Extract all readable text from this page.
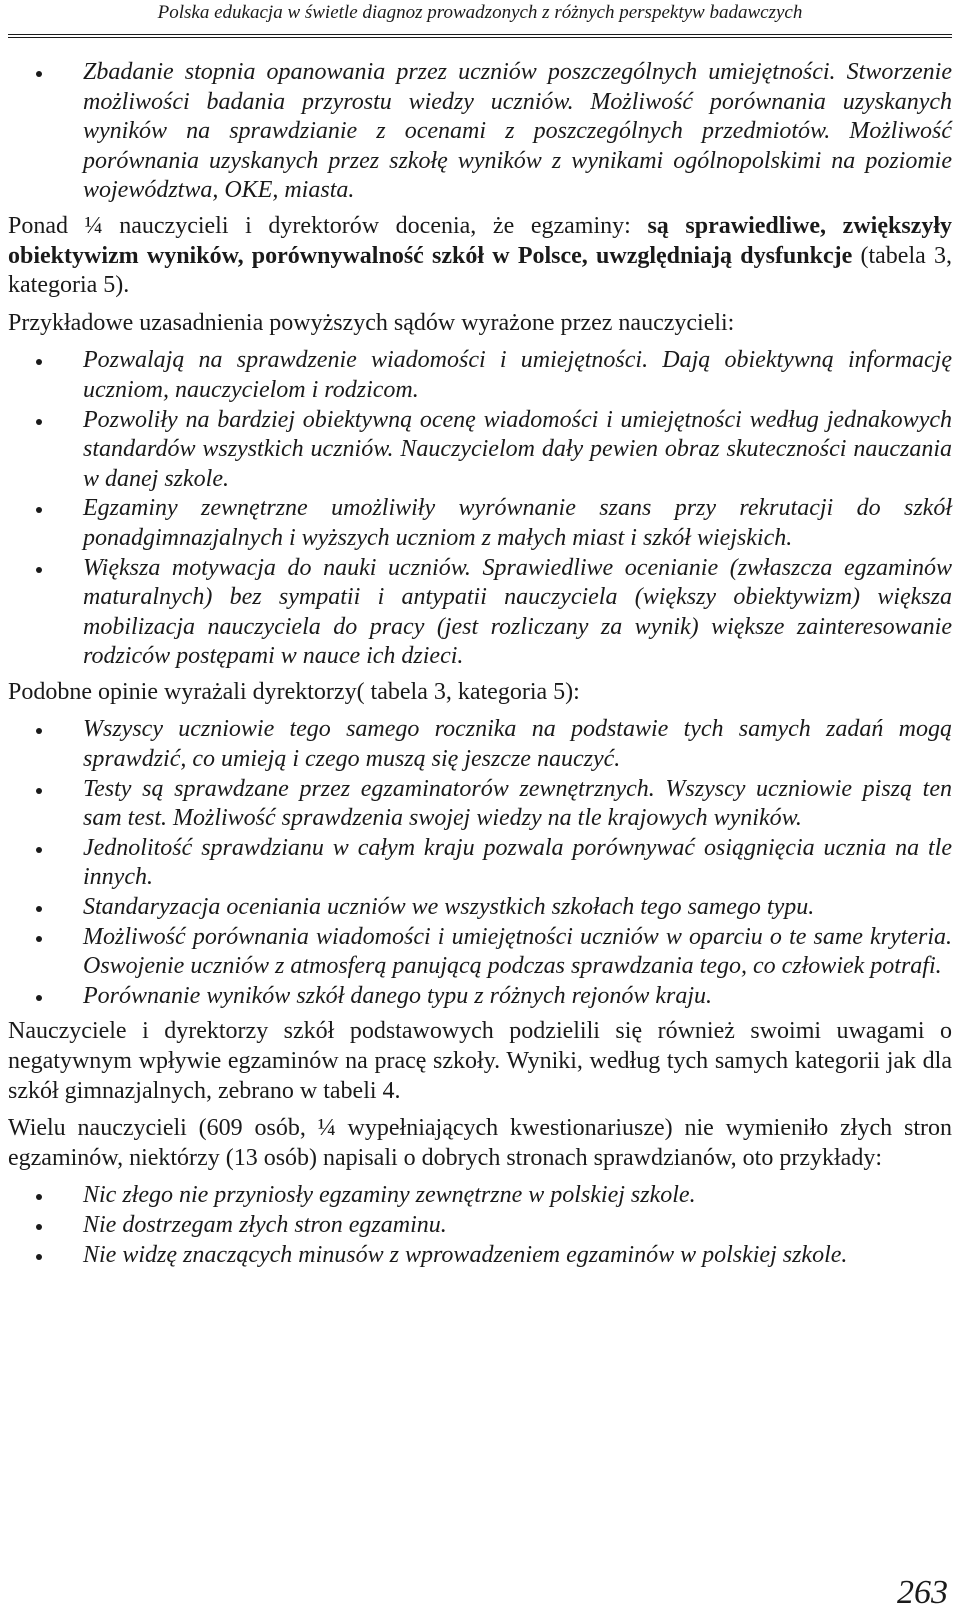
Polska edukacja w świetle diagnoz prowadzonych z różnych perspektyw badawczych
Zbadanie stopnia opanowania przez uczniów poszczególnych umiejętności. Stworzenie możliwości badania przyrostu wiedzy uczniów. Możliwość porównania uzyskanych wyników na sprawdzianie z ocenami z poszczególnych przedmiotów. Możliwość porównania uzyskanych przez szkołę wyników z wynikami ogólnopolskimi na poziomie województwa, OKE, miasta.

Ponad ¼ nauczycieli i dyrektorów docenia, że egzaminy: są sprawiedliwe, zwiększyły obiektywizm wyników, porównywalność szkół w Polsce, uwzględniają dysfunkcje (tabela 3, kategoria 5).

Przykładowe uzasadnienia powyższych sądów wyrażone przez nauczycieli:

Pozwalają na sprawdzenie wiadomości i umiejętności. Dają obiektywną informację uczniom, nauczycielom i rodzicom.
Pozwoliły na bardziej obiektywną ocenę wiadomości i umiejętności według jednakowych standardów wszystkich uczniów. Nauczycielom dały pewien obraz skuteczności nauczania w danej szkole.
Egzaminy zewnętrzne umożliwiły wyrównanie szans przy rekrutacji do szkół ponadgimnazjalnych i wyższych uczniom z małych miast i szkół wiejskich.
Większa motywacja do nauki uczniów. Sprawiedliwe ocenianie (zwłaszcza egzaminów maturalnych) bez sympatii i antypatii nauczyciela (większy obiektywizm) większa mobilizacja nauczyciela do pracy (jest rozliczany za wynik) większe zainteresowanie rodziców postępami w nauce ich dzieci.

Podobne opinie wyrażali dyrektorzy( tabela 3, kategoria 5):

Wszyscy uczniowie tego samego rocznika na podstawie tych samych zadań mogą sprawdzić, co umieją i czego muszą się jeszcze nauczyć.
Testy są sprawdzane przez egzaminatorów zewnętrznych. Wszyscy uczniowie piszą ten sam test. Możliwość sprawdzenia swojej wiedzy na tle krajowych wyników.
Jednolitość sprawdzianu w całym kraju pozwala porównywać osiągnięcia ucznia na tle innych.
Standaryzacja oceniania uczniów we wszystkich szkołach tego samego typu.
Możliwość porównania wiadomości i umiejętności uczniów w oparciu o te same kryteria. Oswojenie uczniów z atmosferą panującą podczas sprawdzania tego, co człowiek potrafi.
Porównanie wyników szkół danego typu z różnych rejonów kraju.

Nauczyciele i dyrektorzy szkół podstawowych podzielili się również swoimi uwagami o negatywnym wpływie egzaminów na pracę szkoły. Wyniki, według tych samych kategorii jak dla szkół gimnazjalnych, zebrano w tabeli 4.

Wielu nauczycieli (609 osób, ¼ wypełniających kwestionariusze) nie wymieniło złych stron egzaminów, niektórzy (13 osób) napisali o dobrych stronach sprawdzianów, oto przykłady:

Nic złego nie przyniosły egzaminy zewnętrzne w polskiej szkole.
Nie dostrzegam złych stron egzaminu.
Nie widzę znaczących minusów z wprowadzeniem egzaminów w polskiej szkole.
263
